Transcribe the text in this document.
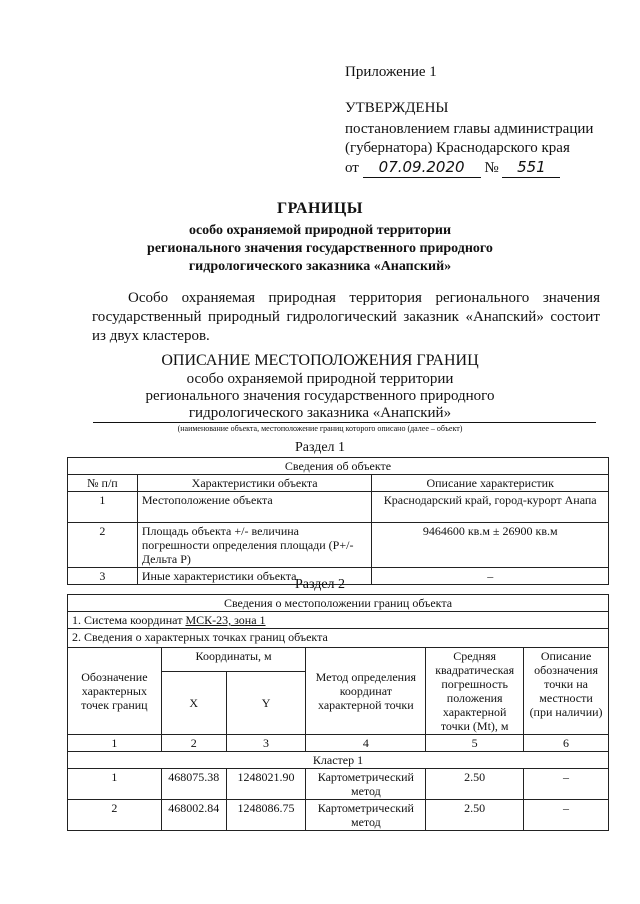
Приложение 1
УТВЕРЖДЕНЫ
постановлением главы администрации
(губернатора) Краснодарского края
от 07.09.2020 № 551
ГРАНИЦЫ
особо охраняемой природной территории
регионального значения государственного природного
гидрологического заказника «Анапский»
Особо охраняемая природная территория регионального значения государственный природный гидрологический заказник «Анапский» состоит из двух кластеров.
ОПИСАНИЕ МЕСТОПОЛОЖЕНИЯ ГРАНИЦ
особо охраняемой природной территории
регионального значения государственного природного
гидрологического заказника «Анапский»
(наименование объекта, местоположение границ которого описано (далее – объект)
Раздел 1
Сведения об объекте		
№ п/п	Характеристики объекта	Описание характеристик
1	Местоположение объекта	Краснодарский край, город-курорт Анапа
2	Площадь объекта +/- величина погрешности определения площади (P+/- Дельта P)	9464600 кв.м ± 26900 кв.м
3	Иные характеристики объекта	–
Раздел 2
Сведения о местоположении границ объекта					
1. Система координат МСК-23, зона 1					
2. Сведения о характерных точках границ объекта					
Обозначение характерных точек границ	Координаты, м		Метод определения координат характерной точки	Средняя квадратическая погрешность положения характерной точки (Mt), м	Описание обозначения точки на местности (при наличии)
	X	Y			
1	2	3	4	5	6
Кластер 1					
1	468075.38	1248021.90	Картометрический метод	2.50	–
2	468002.84	1248086.75	Картометрический метод	2.50	–
